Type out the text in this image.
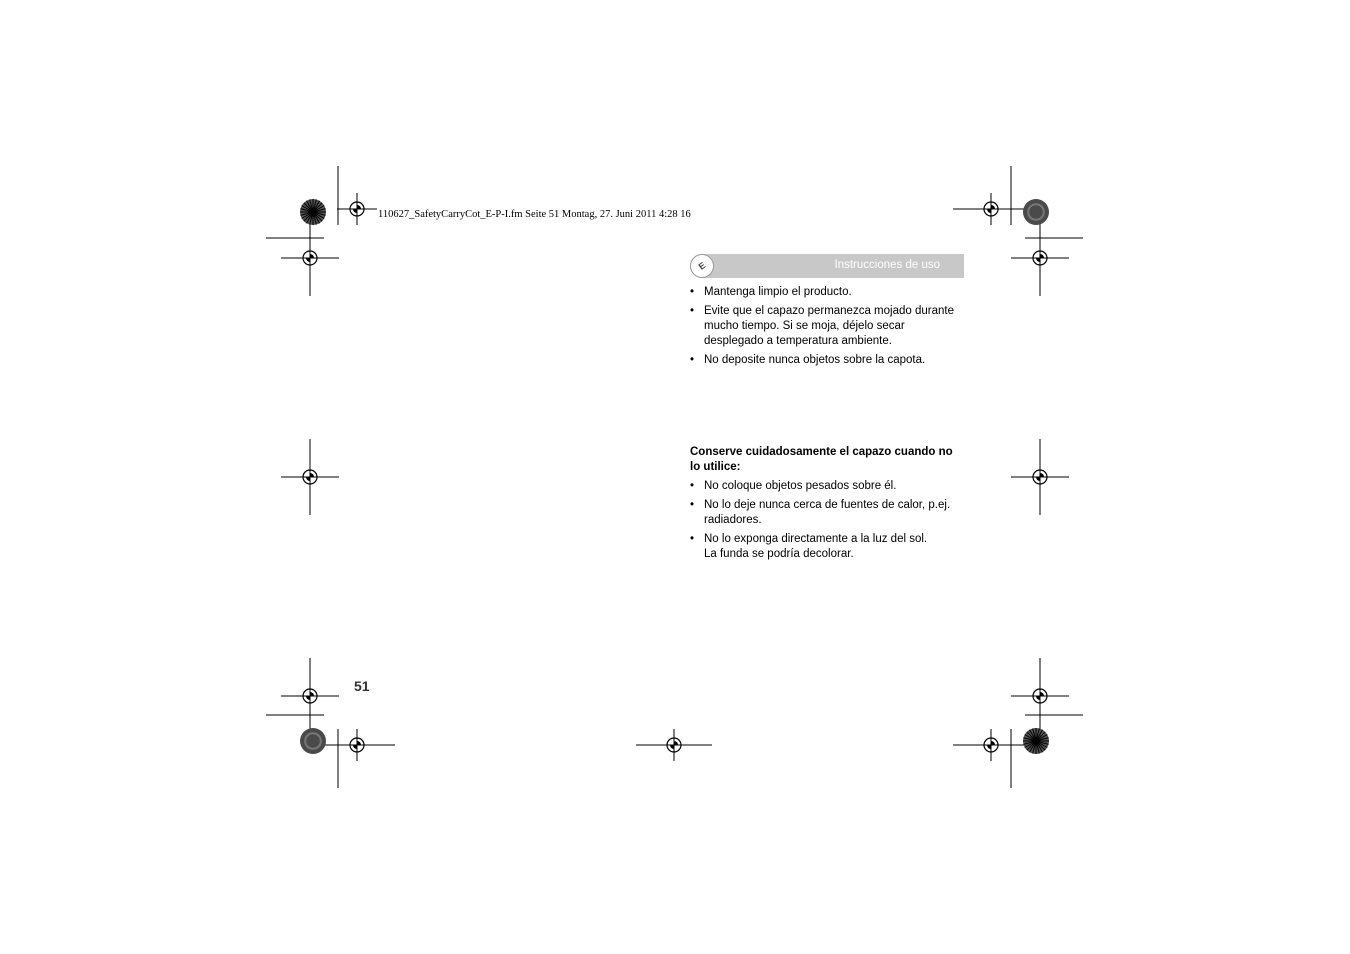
110627_SafetyCarryCot_E-P-I.fm Seite 51 Montag, 27. Juni 2011 4:28 16
E	Instrucciones de uso
• Mantenga limpio el producto.
• Evite que el capazo permanezca mojado durante mucho tiempo. Si se moja, déjelo secar desplegado a temperatura ambiente.
• No deposite nunca objetos sobre la capota.
Conserve cuidadosamente el capazo cuando no lo utilice:
• No coloque objetos pesados sobre él.
• No lo deje nunca cerca de fuentes de calor, p.ej. radiadores.
• No lo exponga directamente a la luz del sol.
La funda se podría decolorar.
51
